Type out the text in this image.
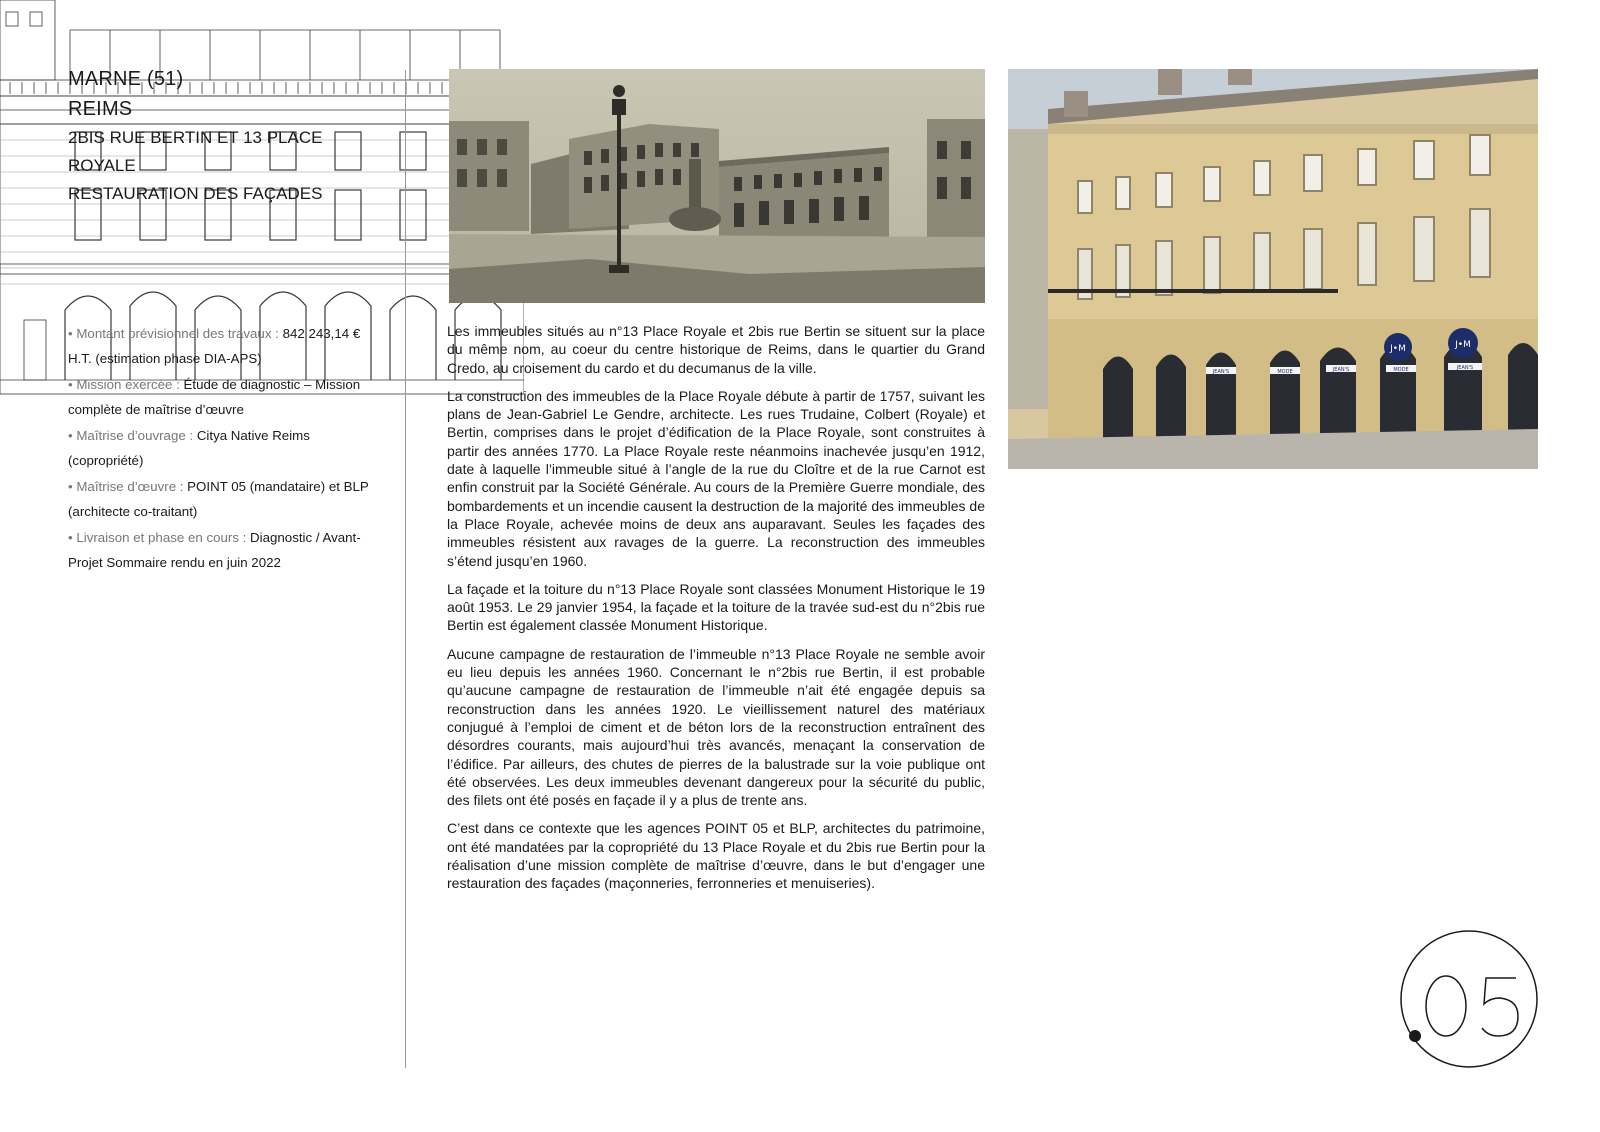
MARNE (51)
REIMS
2BIS RUE BERTIN ET 13 PLACE ROYALE
RESTAURATION DES FAÇADES
• Montant prévisionnel des travaux : 842 243,14 € H.T. (estimation phase DIA-APS)
• Mission exercée : Étude de diagnostic – Mission complète de maîtrise d’œuvre
• Maîtrise d’ouvrage : Citya Native Reims (copropriété)
• Maîtrise d’œuvre : POINT 05 (mandataire) et BLP (architecte co-traitant)
• Livraison et phase en cours : Diagnostic / Avant-Projet Sommaire rendu en juin 2022
J•M	J•M
JEAN'S	MODE	JEAN'S	MODE	JEAN'S

Les immeubles situés au n°13 Place Royale et 2bis rue Bertin se situent sur la place du même nom, au coeur du centre historique de Reims, dans le quartier du Grand Credo, au croisement du cardo et du decumanus de la ville.

La construction des immeubles de la Place Royale débute à partir de 1757, suivant les plans de Jean-Gabriel Le Gendre, architecte. Les rues Trudaine, Colbert (Royale) et Bertin, comprises dans le projet d’édification de la Place Royale, sont construites à partir des années 1770. La Place Royale reste néanmoins inachevée jusqu’en 1912, date à laquelle l’immeuble situé à l’angle de la rue du Cloître et de la rue Carnot est enfin construit par la Société Générale. Au cours de la Première Guerre mondiale, des bombardements et un incendie causent la destruction de la majorité des immeubles de la Place Royale, achevée moins de deux ans auparavant. Seules les façades des immeubles résistent aux ravages de la guerre. La reconstruction des immeubles s’étend jusqu’en 1960.

La façade et la toiture du n°13 Place Royale sont classées Monument Historique le 19 août 1953. Le 29 janvier 1954, la façade et la toiture de la travée sud-est du n°2bis rue Bertin est également classée Monument Historique.

Aucune campagne de restauration de l’immeuble n°13 Place Royale ne semble avoir eu lieu depuis les années 1960. Concernant le n°2bis rue Bertin, il est probable qu’aucune campagne de restauration de l’immeuble n’ait été engagée depuis sa reconstruction dans les années 1920. Le vieillissement naturel des matériaux conjugué à l’emploi de ciment et de béton lors de la reconstruction entraînent des désordres courants, mais aujourd’hui très avancés, menaçant la conservation de l’édifice. Par ailleurs, des chutes de pierres de la balustrade sur la voie publique ont été observées. Les deux immeubles devenant dangereux pour la sécurité du public, des filets ont été posés en façade il y a plus de trente ans.

C’est dans ce contexte que les agences POINT 05 et BLP, architectes du patrimoine, ont été mandatées par la copropriété du 13 Place Royale et du 2bis rue Bertin pour la réalisation d’une mission complète de maîtrise d’œuvre, dans le but d’engager une restauration des façades (maçonneries, ferronneries et menuiseries).

.05
